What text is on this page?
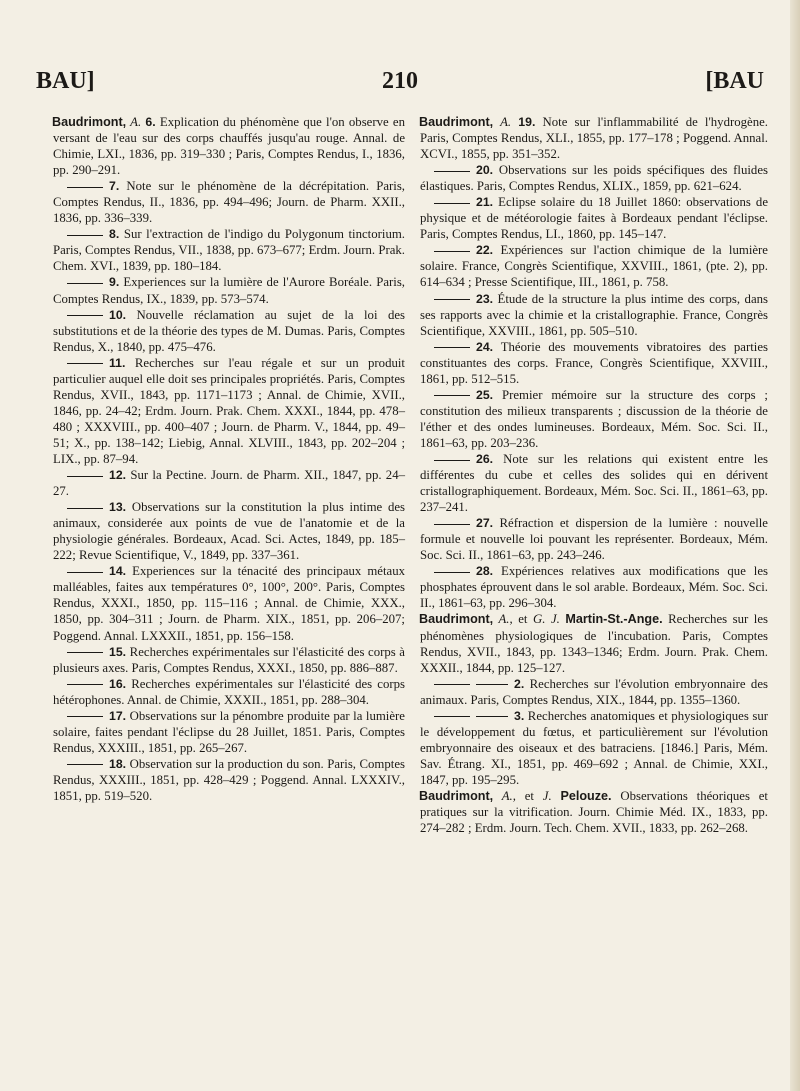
BAU]	210	[BAU

Baudrimont, A. 6. Explication du phénomène que l'on observe en versant de l'eau sur des corps chauffés jusqu'au rouge. Annal. de Chimie, LXI., 1836, pp. 319–330 ; Paris, Comptes Rendus, I., 1836, pp. 290–291.

7. Note sur le phénomène de la décrépitation. Paris, Comptes Rendus, II., 1836, pp. 494–496; Journ. de Pharm. XXII., 1836, pp. 336–339.

8. Sur l'extraction de l'indigo du Polygonum tinctorium. Paris, Comptes Rendus, VII., 1838, pp. 673–677; Erdm. Journ. Prak. Chem. XVI., 1839, pp. 180–184.

9. Experiences sur la lumière de l'Aurore Boréale. Paris, Comptes Rendus, IX., 1839, pp. 573–574.

10. Nouvelle réclamation au sujet de la loi des substitutions et de la théorie des types de M. Dumas. Paris, Comptes Rendus, X., 1840, pp. 475–476.

11. Recherches sur l'eau régale et sur un produit particulier auquel elle doit ses principales propriétés. Paris, Comptes Rendus, XVII., 1843, pp. 1171–1173 ; Annal. de Chimie, XVII., 1846, pp. 24–42; Erdm. Journ. Prak. Chem. XXXI., 1844, pp. 478–480 ; XXXVIII., pp. 400–407 ; Journ. de Pharm. V., 1844, pp. 49–51; X., pp. 138–142; Liebig, Annal. XLVIII., 1843, pp. 202–204 ; LIX., pp. 87–94.

12. Sur la Pectine. Journ. de Pharm. XII., 1847, pp. 24–27.

13. Observations sur la constitution la plus intime des animaux, considerée aux points de vue de l'anatomie et de la physiologie générales. Bordeaux, Acad. Sci. Actes, 1849, pp. 185–222; Revue Scientifique, V., 1849, pp. 337–361.

14. Experiences sur la ténacité des principaux métaux malléables, faites aux températures 0°, 100°, 200°. Paris, Comptes Rendus, XXXI., 1850, pp. 115–116 ; Annal. de Chimie, XXX., 1850, pp. 304–311 ; Journ. de Pharm. XIX., 1851, pp. 206–207; Poggend. Annal. LXXXII., 1851, pp. 156–158.

15. Recherches expérimentales sur l'élasticité des corps à plusieurs axes. Paris, Comptes Rendus, XXXI., 1850, pp. 886–887.

16. Recherches expérimentales sur l'élasticité des corps hétérophones. Annal. de Chimie, XXXII., 1851, pp. 288–304.

17. Observations sur la pénombre produite par la lumière solaire, faites pendant l'éclipse du 28 Juillet, 1851. Paris, Comptes Rendus, XXXIII., 1851, pp. 265–267.

18. Observation sur la production du son. Paris, Comptes Rendus, XXXIII., 1851, pp. 428–429 ; Poggend. Annal. LXXXIV., 1851, pp. 519–520.

Baudrimont, A. 19. Note sur l'inflammabilité de l'hydrogène. Paris, Comptes Rendus, XLI., 1855, pp. 177–178 ; Poggend. Annal. XCVI., 1855, pp. 351–352.

20. Observations sur les poids spécifiques des fluides élastiques. Paris, Comptes Rendus, XLIX., 1859, pp. 621–624.

21. Eclipse solaire du 18 Juillet 1860: observations de physique et de météorologie faites à Bordeaux pendant l'éclipse. Paris, Comptes Rendus, LI., 1860, pp. 145–147.

22. Expériences sur l'action chimique de la lumière solaire. France, Congrès Scientifique, XXVIII., 1861, (pte. 2), pp. 614–634 ; Presse Scientifique, III., 1861, p. 758.

23. Étude de la structure la plus intime des corps, dans ses rapports avec la chimie et la cristallographie. France, Congrès Scientifique, XXVIII., 1861, pp. 505–510.

24. Théorie des mouvements vibratoires des parties constituantes des corps. France, Congrès Scientifique, XXVIII., 1861, pp. 512–515.

25. Premier mémoire sur la structure des corps ; constitution des milieux transparents ; discussion de la théorie de l'éther et des ondes lumineuses. Bordeaux, Mém. Soc. Sci. II., 1861–63, pp. 203–236.

26. Note sur les relations qui existent entre les différentes du cube et celles des solides qui en dérivent cristallographiquement. Bordeaux, Mém. Soc. Sci. II., 1861–63, pp. 237–241.

27. Réfraction et dispersion de la lumière : nouvelle formule et nouvelle loi pouvant les représenter. Bordeaux, Mém. Soc. Sci. II., 1861–63, pp. 243–246.

28. Expériences relatives aux modifications que les phosphates éprouvent dans le sol arable. Bordeaux, Mém. Soc. Sci. II., 1861–63, pp. 296–304.

Baudrimont, A., et G. J. Martin-St.-Ange. Recherches sur les phénomènes physiologiques de l'incubation. Paris, Comptes Rendus, XVII., 1843, pp. 1343–1346; Erdm. Journ. Prak. Chem. XXXII., 1844, pp. 125–127.

2. Recherches sur l'évolution embryonnaire des animaux. Paris, Comptes Rendus, XIX., 1844, pp. 1355–1360.

3. Recherches anatomiques et physiologiques sur le développement du fœtus, et particulièrement sur l'évolution embryonnaire des oiseaux et des batraciens. [1846.] Paris, Mém. Sav. Étrang. XI., 1851, pp. 469–692 ; Annal. de Chimie, XXI., 1847, pp. 195–295.

Baudrimont, A., et J. Pelouze. Observations théoriques et pratiques sur la vitrification. Journ. Chimie Méd. IX., 1833, pp. 274–282 ; Erdm. Journ. Tech. Chem. XVII., 1833, pp. 262–268.
